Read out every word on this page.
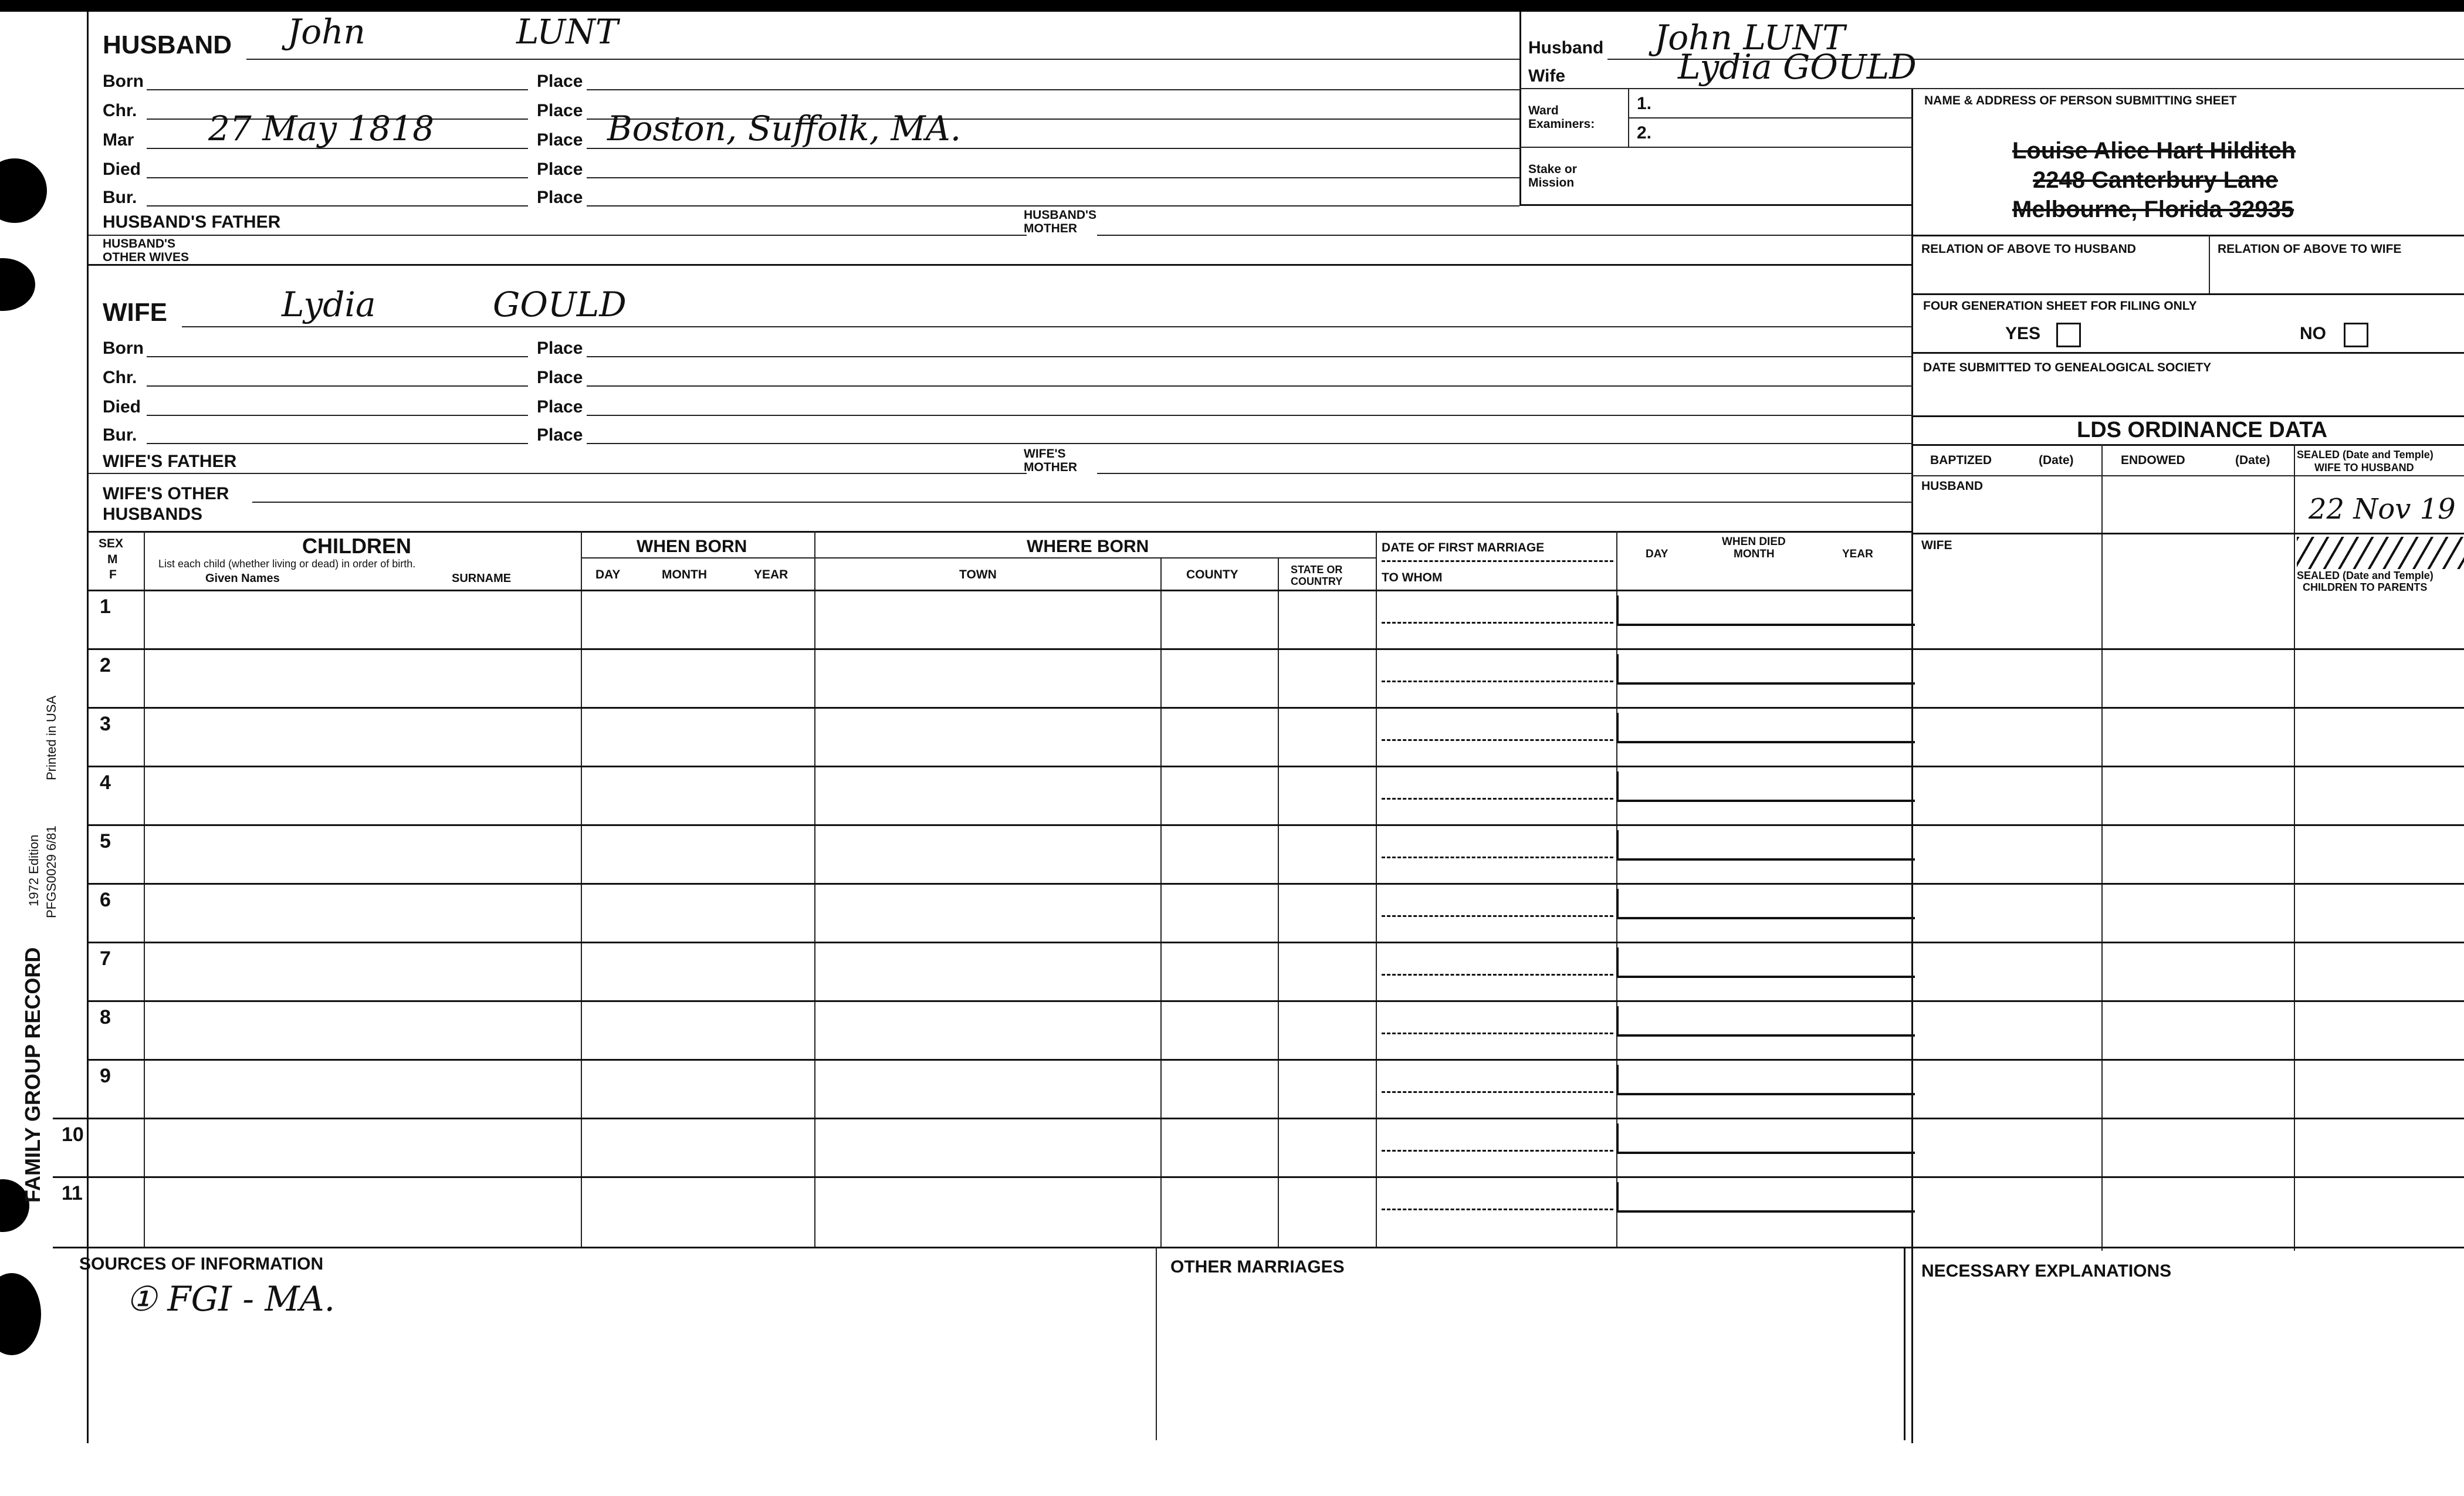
FAMILY GROUP RECORD
1972 Edition PFGS0029 6/81
Printed in USA
HUSBAND John	LUNT
Born	Place
Chr.	Place
Mar 27 May 1818	Place Boston, Suffolk, MA.
Died	Place
Bur.	Place
HUSBAND'S FATHER	HUSBAND'S
MOTHER
HUSBAND'S
OTHER WIVES
Husband John LUNT
Wife	Lydia GOULD
Ward
Examiners:
1.
2.
Stake or
Mission
NAME & ADDRESS OF PERSON SUBMITTING SHEET
Louise Alice Hart Hilditch
2248 Canterbury Lane
Melbourne, Florida 32935
RELATION OF ABOVE TO HUSBAND	RELATION OF ABOVE TO WIFE
FOUR GENERATION SHEET FOR FILING ONLY
YES	NO
DATE SUBMITTED TO GENEALOGICAL SOCIETY
LDS ORDINANCE DATA
BAPTIZED	(Date)	ENDOWED	(Date)	SEALED (Date and Temple)
WIFE TO HUSBAND
HUSBAND
22 Nov 19
WIFE
SEALED (Date and Temple)
CHILDREN TO PARENTS
WIFE	Lydia	GOULD
Born	Place
Chr.	Place
Died	Place
Bur.	Place
WIFE'S FATHER	WIFE'S
MOTHER
WIFE'S OTHER
HUSBANDS
SEX
M
F
CHILDREN
List each child (whether living or dead) in order of birth.
Given Names	SURNAME
WHEN BORN
DAY	MONTH	YEAR
WHERE BORN
TOWN	COUNTY	STATE OR
COUNTRY
DATE OF FIRST MARRIAGE
TO WHOM
WHEN DIED
DAY	MONTH	YEAR
1
2
3
4
5
6
7
8
9
10
11
SOURCES OF INFORMATION
① FGI - MA.
OTHER MARRIAGES	NECESSARY EXPLANATIONS
